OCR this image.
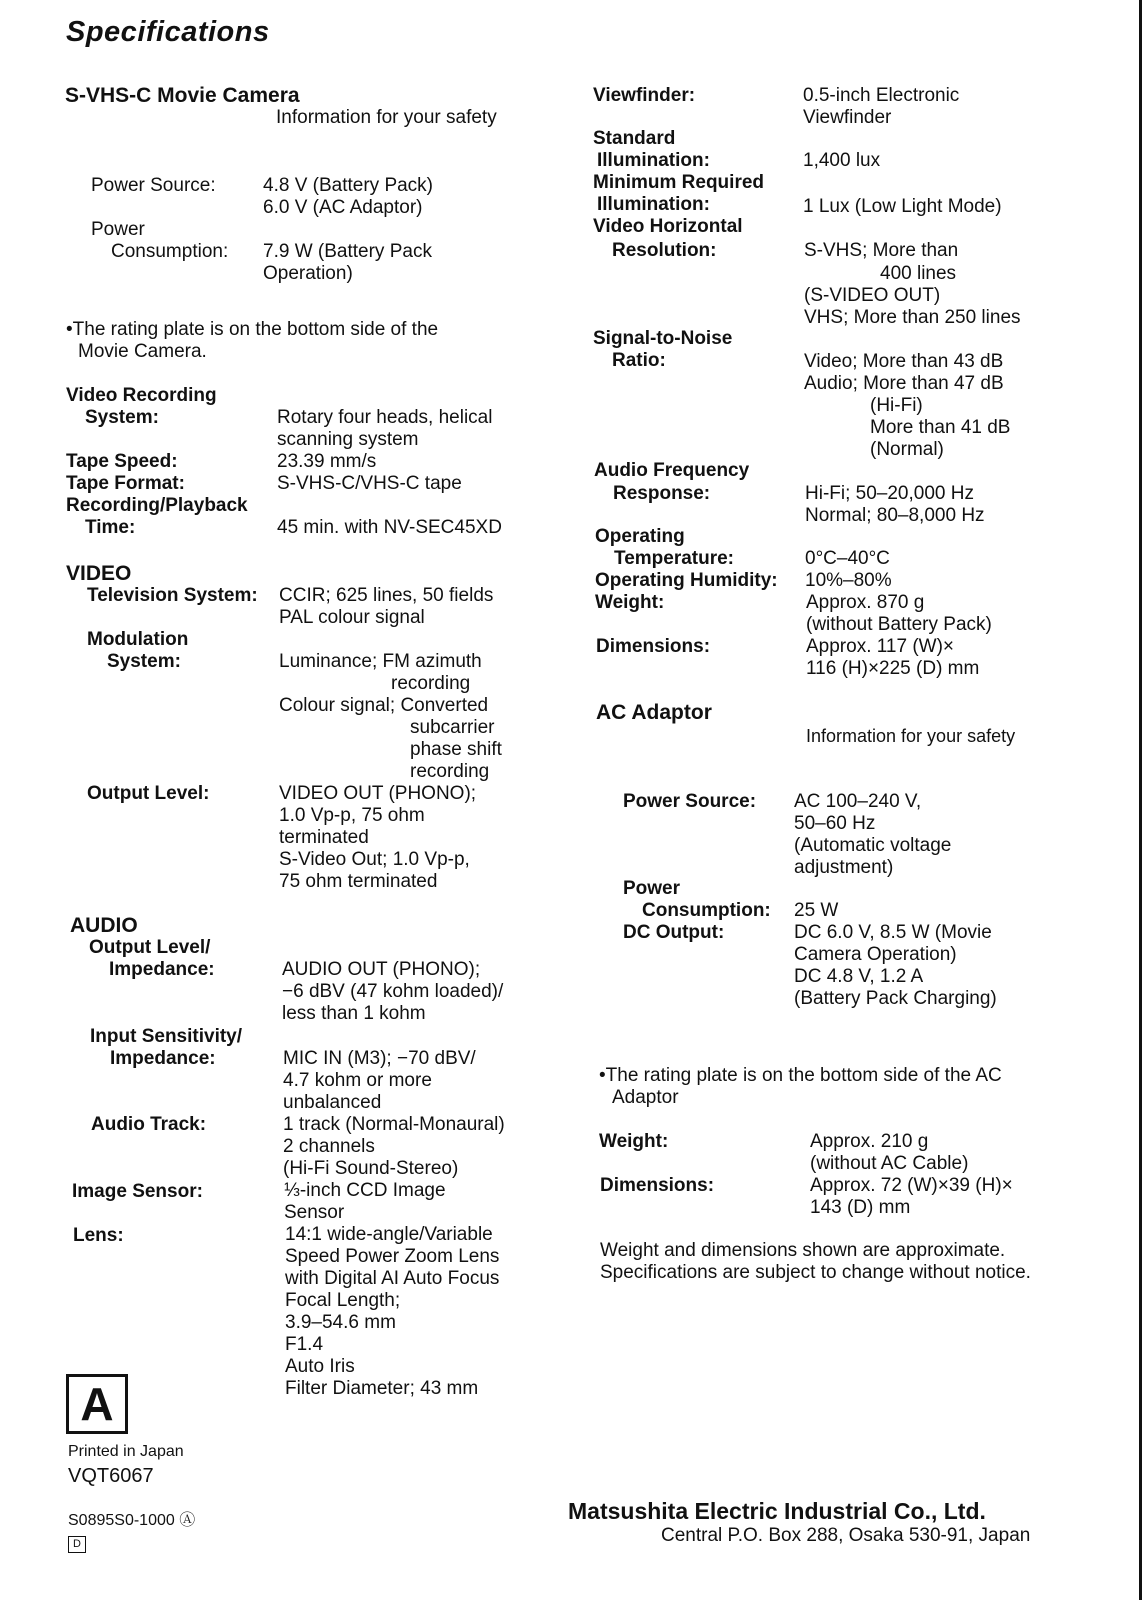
Specifications
S-VHS-C Movie Camera
Information for your safety
Power Source: 4.8 V (Battery Pack)
6.0 V (AC Adaptor)
Power
Consumption: 7.9 W (Battery Pack
Operation)
•The rating plate is on the bottom side of the
Movie Camera.
Video Recording
System:	Rotary four heads, helical
scanning system
Tape Speed:	23.39 mm/s
Tape Format:	S-VHS-C/VHS-C tape
Recording/Playback
Time:	45 min. with NV-SEC45XD
VIDEO
Television System: CCIR; 625 lines, 50 fields
PAL colour signal
Modulation
System:	Luminance; FM azimuth
recording
Colour signal; Converted
subcarrier
phase shift
recording
Output Level:	VIDEO OUT (PHONO);
1.0 Vp-p, 75 ohm
terminated
S-Video Out; 1.0 Vp-p,
75 ohm terminated
AUDIO
Output Level/
Impedance:	AUDIO OUT (PHONO);
−6 dBV (47 kohm loaded)/
less than 1 kohm
Input Sensitivity/
Impedance:	MIC IN (M3); −70 dBV/
4.7 kohm or more
unbalanced
Audio Track:	1 track (Normal-Monaural)
2 channels
(Hi-Fi Sound-Stereo)
Image Sensor:	⅓-inch CCD Image
Sensor
Lens:	14:1 wide-angle/Variable
Speed Power Zoom Lens
with Digital AI Auto Focus
Focal Length;
3.9–54.6 mm
F1.4
Auto Iris
Filter Diameter; 43 mm
A
Printed in Japan
VQT6067
S0895S0-1000 Ⓐ
D
Viewfinder:	0.5-inch Electronic
Viewfinder
Standard
Illumination:	1,400 lux
Minimum Required
Illumination:	1 Lux (Low Light Mode)
Video Horizontal
Resolution:	S-VHS; More than
400 lines
(S-VIDEO OUT)
VHS; More than 250 lines
Signal-to-Noise
Ratio:	Video; More than 43 dB
Audio; More than 47 dB
(Hi-Fi)
More than 41 dB
(Normal)
Audio Frequency
Response:	Hi-Fi; 50–20,000 Hz
Normal; 80–8,000 Hz
Operating
Temperature:	0°C–40°C
Operating Humidity: 10%–80%
Weight:	Approx. 870 g
(without Battery Pack)
Dimensions:	Approx. 117 (W)×
116 (H)×225 (D) mm
AC Adaptor
Information for your safety
Power Source: AC 100–240 V,
50–60 Hz
(Automatic voltage
adjustment)
Power
Consumption: 25 W
DC Output:	DC 6.0 V, 8.5 W (Movie
Camera Operation)
DC 4.8 V, 1.2 A
(Battery Pack Charging)
•The rating plate is on the bottom side of the AC
Adaptor
Weight:	Approx. 210 g
(without AC Cable)
Dimensions:	Approx. 72 (W)×39 (H)×
143 (D) mm
Weight and dimensions shown are approximate.
Specifications are subject to change without notice.
Matsushita Electric Industrial Co., Ltd.
Central P.O. Box 288, Osaka 530-91, Japan
